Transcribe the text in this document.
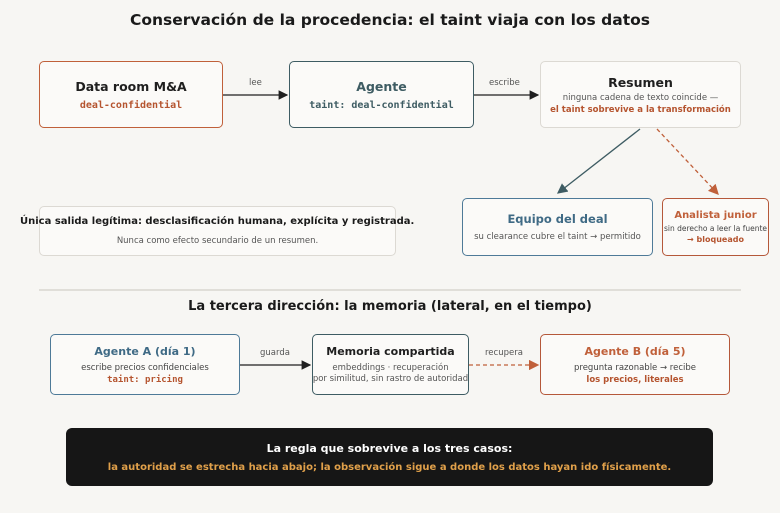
Conservación de la procedencia: el taint viaja con los datos
lee	escribe
guarda	recupera
Data room M&A
deal-confidential
Agente
taint: deal-confidential
Resumen
ninguna cadena de texto coincide —
el taint sobrevive a la transformación
Equipo del deal
su clearance cubre el taint → permitido
Analista junior
sin derecho a leer la fuente
→ bloqueado
Única salida legítima: desclasificación humana, explícita y registrada.
Nunca como efecto secundario de un resumen.
La tercera dirección: la memoria (lateral, en el tiempo)
Agente A (día 1)
escribe precios confidenciales
taint: pricing
Memoria compartida
embeddings · recuperación
por similitud, sin rastro de autoridad
Agente B (día 5)
pregunta razonable → recibe
los precios, literales
La regla que sobrevive a los tres casos:
la autoridad se estrecha hacia abajo; la observación sigue a donde los datos hayan ido físicamente.
